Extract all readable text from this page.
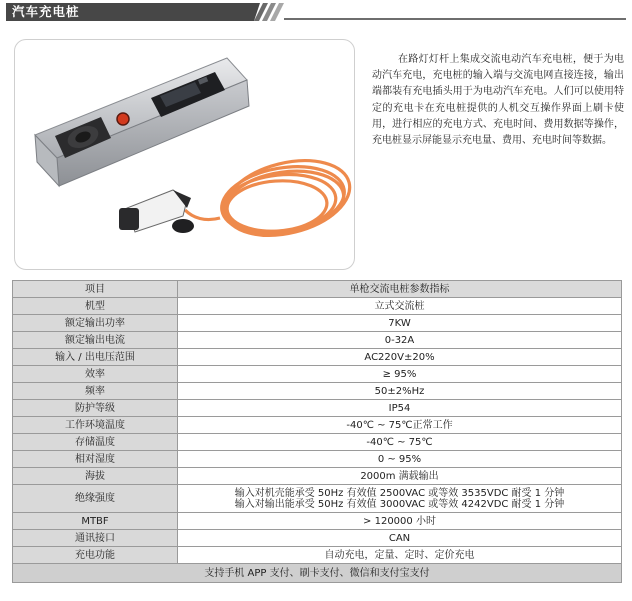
汽车充电桩

在路灯灯杆上集成交流电动汽车充电桩，便于为电动汽车充电，充电桩的输入端与交流电网直接连接，输出端都装有充电插头用于为电动汽车充电。人们可以使用特定的充电卡在充电桩提供的人机交互操作界面上刷卡使用，进行相应的充电方式、充电时间、费用数据等操作，充电桩显示屏能显示充电量、费用、充电时间等数据。

项目	单枪交流电桩参数指标
机型	立式交流桩
额定输出功率	7KW
额定输出电流	0-32A
输入 / 出电压范围	AC220V±20%
效率	≥ 95%
频率	50±2%Hz
防护等级	IP54
工作环境温度	-40℃ ~ 75℃正常工作
存储温度	-40℃ ~ 75℃
相对湿度	0 ~ 95%
海拔	2000m 满载输出
绝缘强度	输入对机壳能承受 50Hz 有效值 2500VAC 或等效 3535VDC 耐受 1 分钟
输入对输出能承受 50Hz 有效值 3000VAC 或等效 4242VDC 耐受 1 分钟

MTBF	> 120000 小时
通讯接口	CAN
充电功能	自动充电，定量、定时、定价充电
支持手机 APP 支付、刷卡支付、微信和支付宝支付	
